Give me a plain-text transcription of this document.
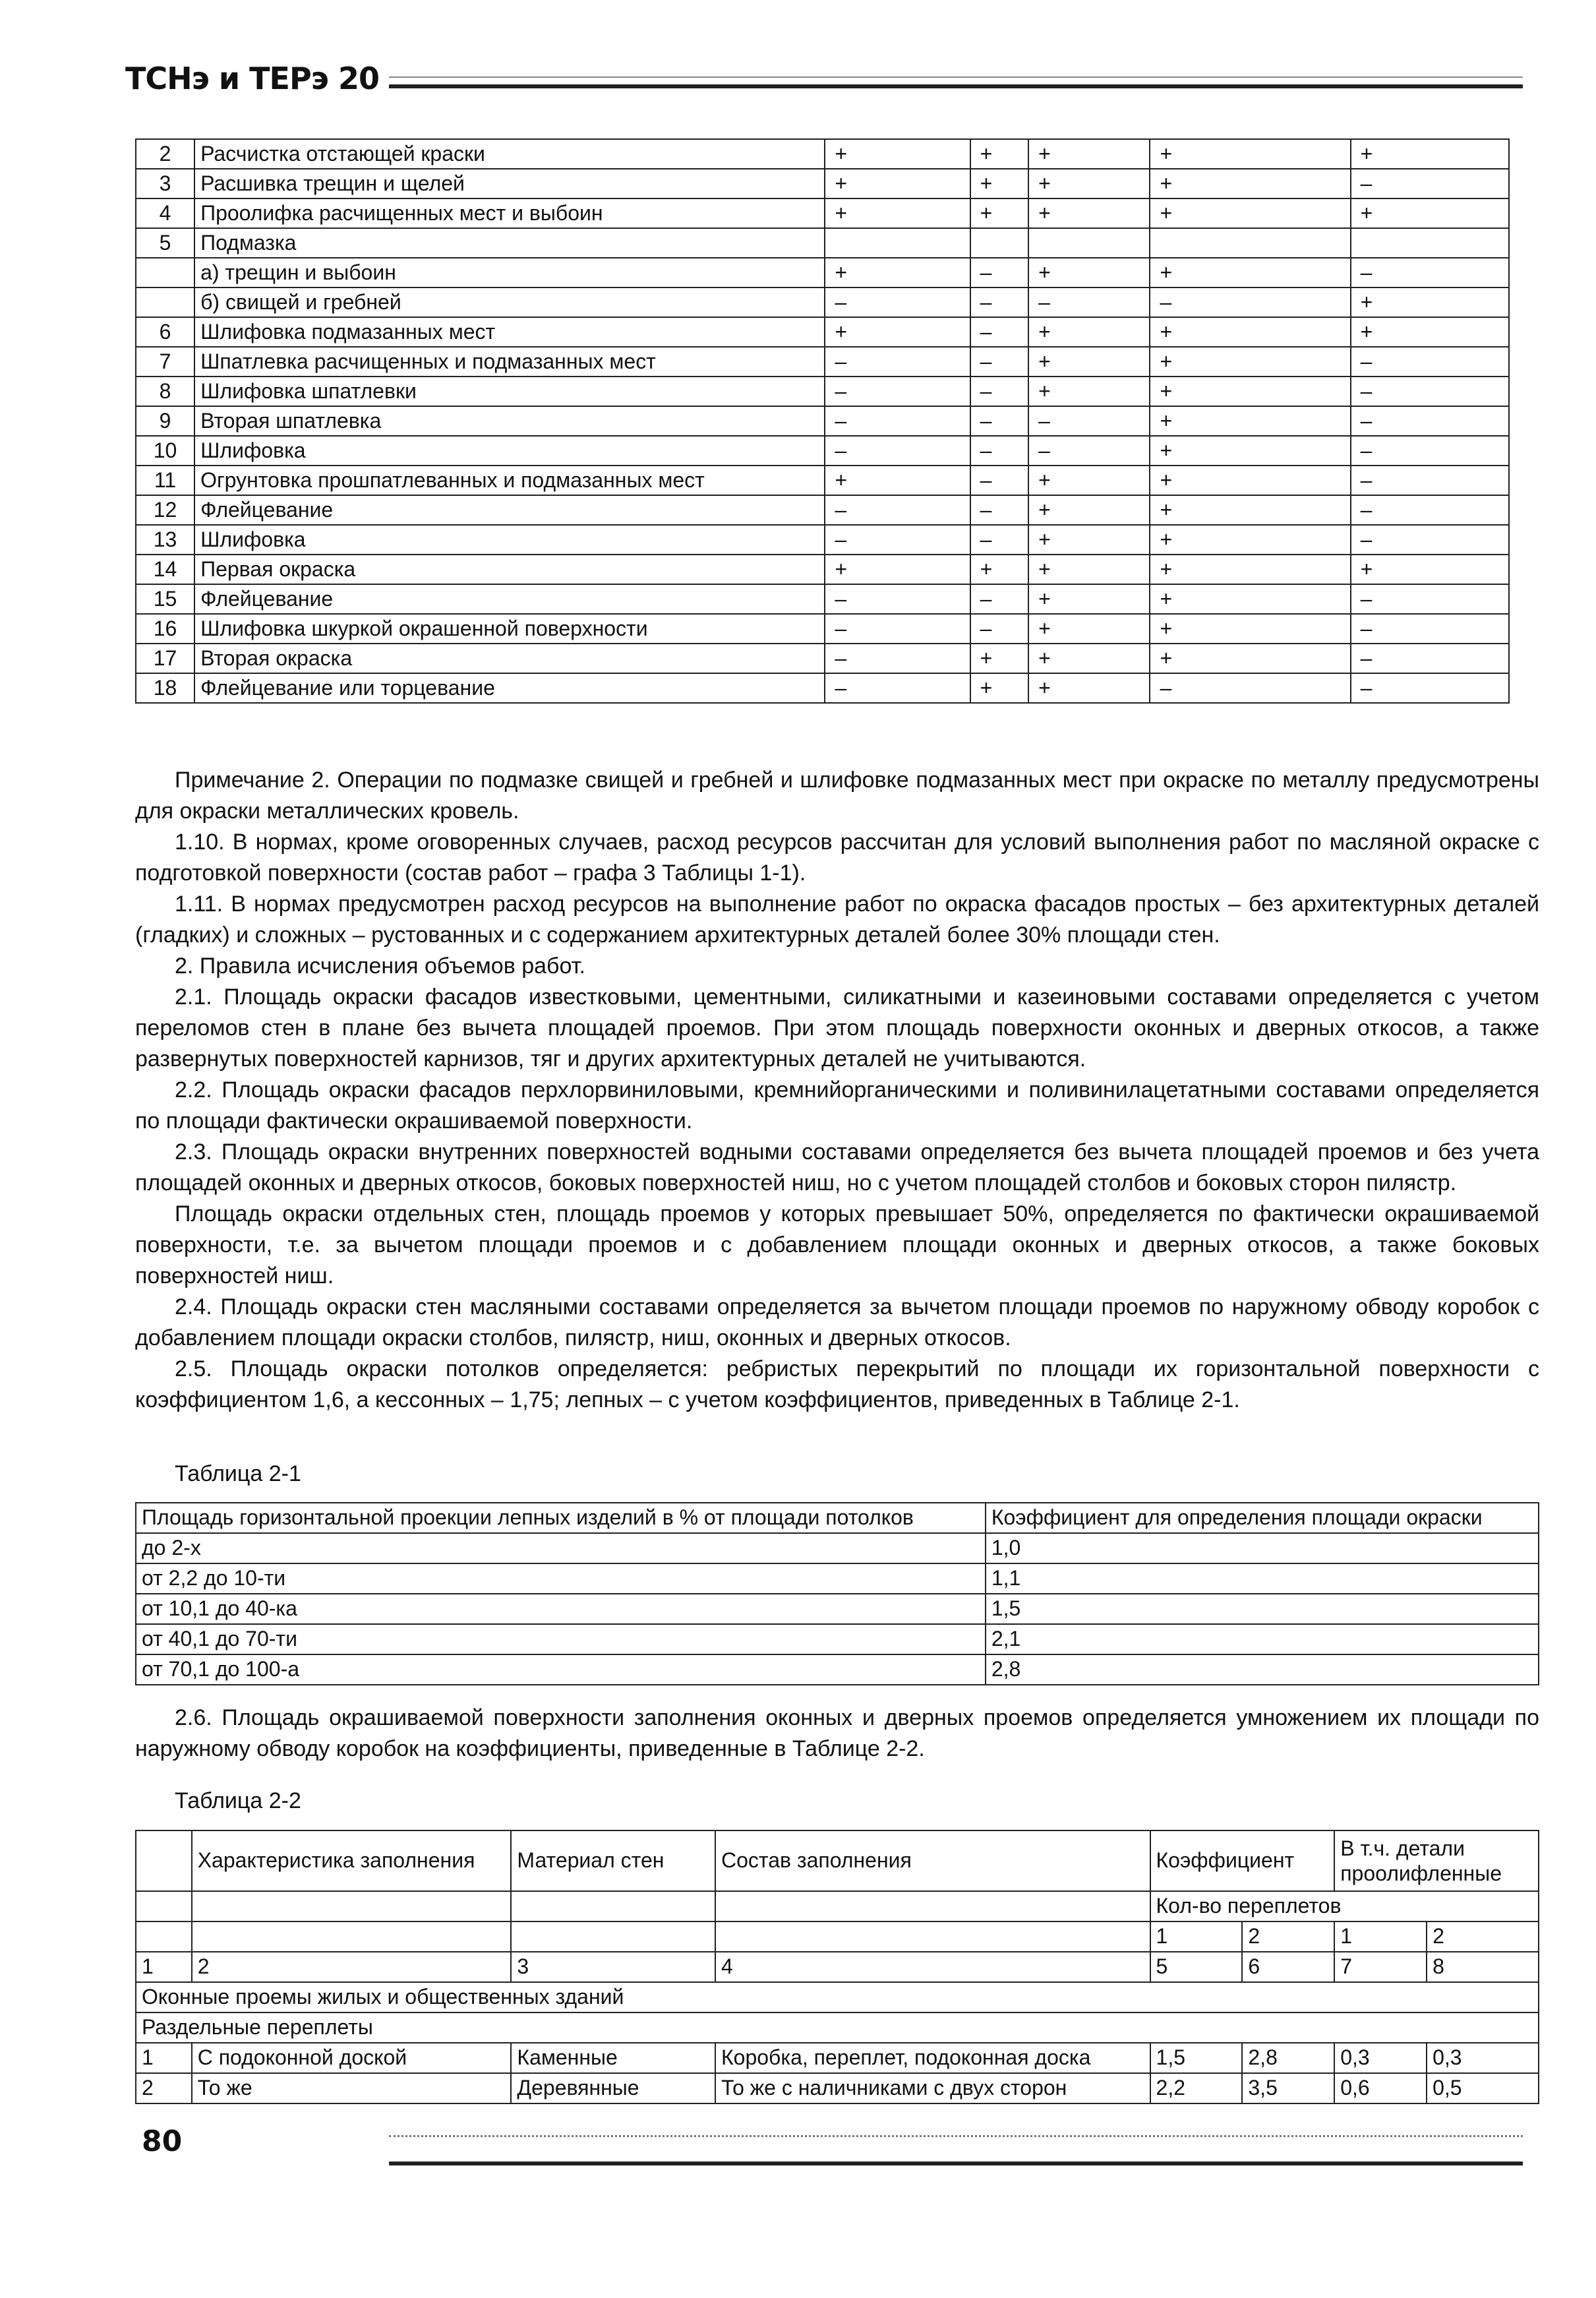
ТСНэ и ТЕРэ 20
2	Расчистка отстающей краски	+	+	+	+	+
3	Расшивка трещин и щелей	+	+	+	+	–
4	Проолифка расчищенных мест и выбоин	+	+	+	+	+
5	Подмазка					
	а) трещин и выбоин	+	–	+	+	–
	б) свищей и гребней	–	–	–	–	+
6	Шлифовка подмазанных мест	+	–	+	+	+
7	Шпатлевка расчищенных и подмазанных мест	–	–	+	+	–
8	Шлифовка шпатлевки	–	–	+	+	–
9	Вторая шпатлевка	–	–	–	+	–
10	Шлифовка	–	–	–	+	–
11	Огрунтовка прошпатлеванных и подмазанных мест	+	–	+	+	–
12	Флейцевание	–	–	+	+	–
13	Шлифовка	–	–	+	+	–
14	Первая окраска	+	+	+	+	+
15	Флейцевание	–	–	+	+	–
16	Шлифовка шкуркой окрашенной поверхности	–	–	+	+	–
17	Вторая окраска	–	+	+	+	–
18	Флейцевание или торцевание	–	+	+	–	–

Примечание 2. Операции по подмазке свищей и гребней и шлифовке подмазанных мест при окраске по металлу предусмотрены для окраски металлических кровель.

1.10. В нормах, кроме оговоренных случаев, расход ресурсов рассчитан для условий выполнения работ по масляной окраске с подготовкой поверхности (состав работ – графа 3 Таблицы 1-1).

1.11. В нормах предусмотрен расход ресурсов на выполнение работ по окраска фасадов простых – без архитектурных деталей (гладких) и сложных – рустованных и с содержанием архитектурных деталей более 30% площади стен.

2. Правила исчисления объемов работ.

2.1. Площадь окраски фасадов известковыми, цементными, силикатными и казеиновыми составами определяется с учетом переломов стен в плане без вычета площадей проемов. При этом площадь поверхности оконных и дверных откосов, а также развернутых поверхностей карнизов, тяг и других архитектурных деталей не учитываются.

2.2. Площадь окраски фасадов перхлорвиниловыми, кремнийорганическими и поливинилацетатными составами определяется по площади фактически окрашиваемой поверхности.

2.3. Площадь окраски внутренних поверхностей водными составами определяется без вычета площадей проемов и без учета площадей оконных и дверных откосов, боковых поверхностей ниш, но с учетом площадей столбов и боковых сторон пилястр.

Площадь окраски отдельных стен, площадь проемов у которых превышает 50%, определяется по фактически окрашиваемой поверхности, т.е. за вычетом площади проемов и с добавлением площади оконных и дверных откосов, а также боковых поверхностей ниш.

2.4. Площадь окраски стен масляными составами определяется за вычетом площади проемов по наружному обводу коробок с добавлением площади окраски столбов, пилястр, ниш, оконных и дверных откосов.

2.5. Площадь окраски потолков определяется: ребристых перекрытий по площади их горизонтальной поверхности с коэффициентом 1,6, а кессонных – 1,75; лепных – с учетом коэффициентов, приведенных в Таблице 2-1.

Таблица 2-1
Площадь горизонтальной проекции лепных изделий в % от площади потолков	Коэффициент для определения площади окраски
до 2-х	1,0
от 2,2 до 10-ти	1,1
от 10,1 до 40-ка	1,5
от 40,1 до 70-ти	2,1
от 70,1 до 100-а	2,8

2.6. Площадь окрашиваемой поверхности заполнения оконных и дверных проемов определяется умножением их площади по наружному обводу коробок на коэффициенты, приведенные в Таблице 2-2.

Таблица 2-2
	Характеристика заполнения	Материал стен	Состав заполнения	Коэффициент		В т.ч. детали проолифленные	
				Кол-во переплетов			
				1	2	1	2
1	2	3	4	5	6	7	8
Оконные проемы жилых и общественных зданий							
Раздельные переплеты							
1	С подоконной доской	Каменные	Коробка, переплет, подоконная доска	1,5	2,8	0,3	0,3
2	То же	Деревянные	То же с наличниками с двух сторон	2,2	3,5	0,6	0,5
80
